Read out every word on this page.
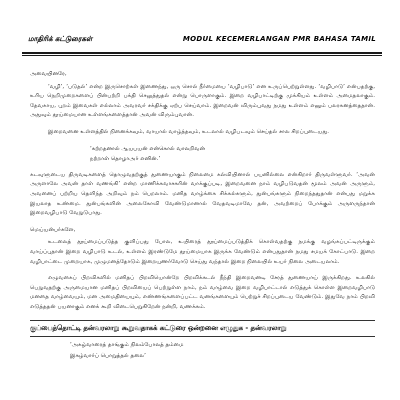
மாதிரிக் கட்டுரைகள்	MODUL KECEMERLANGAN PMR BAHASA TAMIL

அவையினரே,

‘வழி’, ‘படுதல்’ என்ற இருசொற்கள் இணைந்து, ஒரு சொல் நீர்மையை ‘வழிபாடு’ என உருப்பெற்றுள்ளது. ‘வழிபாடு’ என்பதற்கு, உரிய நெறிமுறைகளைப் பின்பற்றி பக்தி செலுத்துதல் என்று பொருளாகும். இறை வழிபாட்டிற்கு முக்கியம் உள்ளம் அமைதலாகும். தேவகாய, புறம் இவைகள் எல்லாம் அவரவர் சக்திக்கு ஏற்ப செய்வாம். இறைவன் விரும்புவது நமது உள்ளம் எனும் பலரகனத்தைதான். அதுவும் தூய்மையான உள்ளங்களைத்தான் அவன் விரும்புவான்.

இறைவனை உள்ளத்தில் நினைக்கவும், வாயால் வாழ்த்தவும், உடலால் வழிபடவும் செய்தல் சால சிறப்புடையது.

‘கற்றதனால் ஆயபயன் என்கொல் வாலறிவன்

நற்றாள் தொழாஅர் எனின்.’

கடவுளுடைய திருவடிகளைத் தொழுவதற்குத் துணையாகும் நிலைமை கல்வியினால் பயனில்லை என்கிறார் திருவள்ளுவர். ‘அவன் அருளாலே அவன் தாள் வணங்கி’ என்ற மாணிக்கவாசகரின் வாக்குப்படி, இறைவனை நாம் வழிபடுவதன் மூலம் அவன் அருளும், அவனைப் பற்றிய தெளிந்த அறிவும் நம் பெறலாம். மனித வாழ்க்கை சிக்கல்களும், துன்பங்களும் நிறைந்ததுதான் என்பது மறுக்க இயலாத உண்மை. துன்பங்களின் அலைகோவி வேண்டுமானால் வேதவடிமாவே தன், அவற்றைப் போக்கும் அருளருந்தான் இறைவழிபாடு வேறுடுபாது.

மெய்யன்பர்களே,

உடலைத் தூய்மைப்படுத்த குளிப்பது போல, உயிரைத் தூய்மைப்படுத்திக் கொள்வதற்கு நமக்கு வழங்கப்பட்டிருக்கும் வாய்ப்புதான் இறை வழிபாடு உடல், உள்ளம் இரண்டுமே தூய்மையாக இருக்க வேண்டும் என்பதுதான் நமது சமயக் கோட்பாடு. இறை வழிபாட்டை முறையாக, முழுமனத்தோடும் இறையுணர்வோடு செய்து வந்தால் இறை நிலையில் உயர் நிலை அடையலாம்.

எழுவகைப் பிறவிகளில் மனிதப் பிறவியொன்றே பிறவிக்கடல் நீந்தி இறைவனடி சேரத் துணையாய் இருக்கிறது. உலகில் பெறுவதற்கு அருமையான மனிதப் பிறவியைப் பெற்றுள்ள நாம், நம் வாழ்வை இறை வழிபாட்டால் எடுத்துக் கொள்ள இறைவழிபாடு மனதை வாழ்வையும், மன அமைதியையும், எண்ணங்களைப்பட்ட வனங்களையும் பெற்றுச் சிறப்புடைய வேண்டும். இதுவே நாம் பிறவி எடுத்ததன் பயனாகும் எனக் கூறி விடைபெறுகிறேன் நன்றி, வணக்கம்.

குப்பைத்தொட்டி தன்வரலாறு கூறுவதாகக் கட்டுரை ஒன்றனை எழுதுக - தன்வரலாறு

‘அகழ்வாரைத் தாங்கும் நிலம்போலத் தம்மை

இகழ்வார்ப் பொறுத்தல் தலை’
